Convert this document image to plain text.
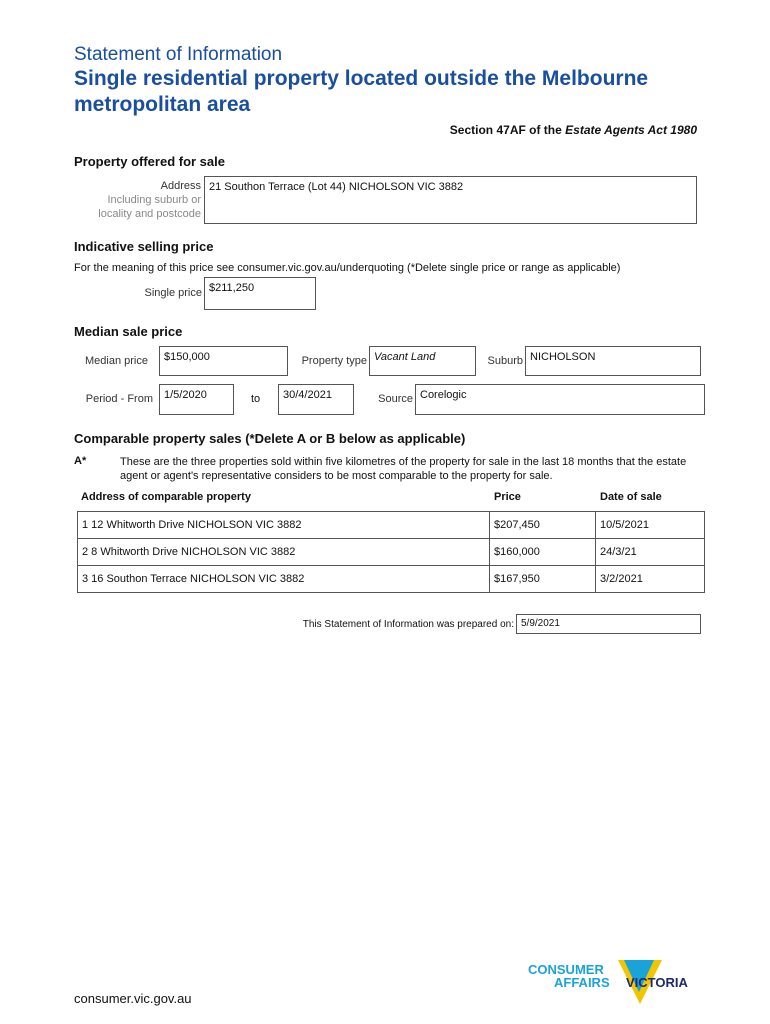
Statement of Information
Single residential property located outside the Melbourne metropolitan area
Section 47AF of the Estate Agents Act 1980
Property offered for sale
Address
Including suburb or
locality and postcode
21 Southon Terrace (Lot 44) NICHOLSON VIC 3882
Indicative selling price
For the meaning of this price see consumer.vic.gov.au/underquoting (*Delete single price or range as applicable)
Single price $211,250
Median sale price
Median price	$150,000	Property type Vacant Land	Suburb NICHOLSON
Period - From	1/5/2020	to	30/4/2021	Source Corelogic
Comparable property sales (*Delete A or B below as applicable)
A*	These are the three properties sold within five kilometres of the property for sale in the last 18 months that the estate agent or agent's representative considers to be most comparable to the property for sale.
Address of comparable property	Price	Date of sale
1 12 Whitworth Drive NICHOLSON VIC 3882	$207,450	10/5/2021
2 8 Whitworth Drive NICHOLSON VIC 3882	$160,000	24/3/21
3 16 Southon Terrace NICHOLSON VIC 3882	$167,950	3/2/2021
This Statement of Information was prepared on: 5/9/2021
consumer.vic.gov.au
CONSUMER
AFFAIRS VICTORIA
